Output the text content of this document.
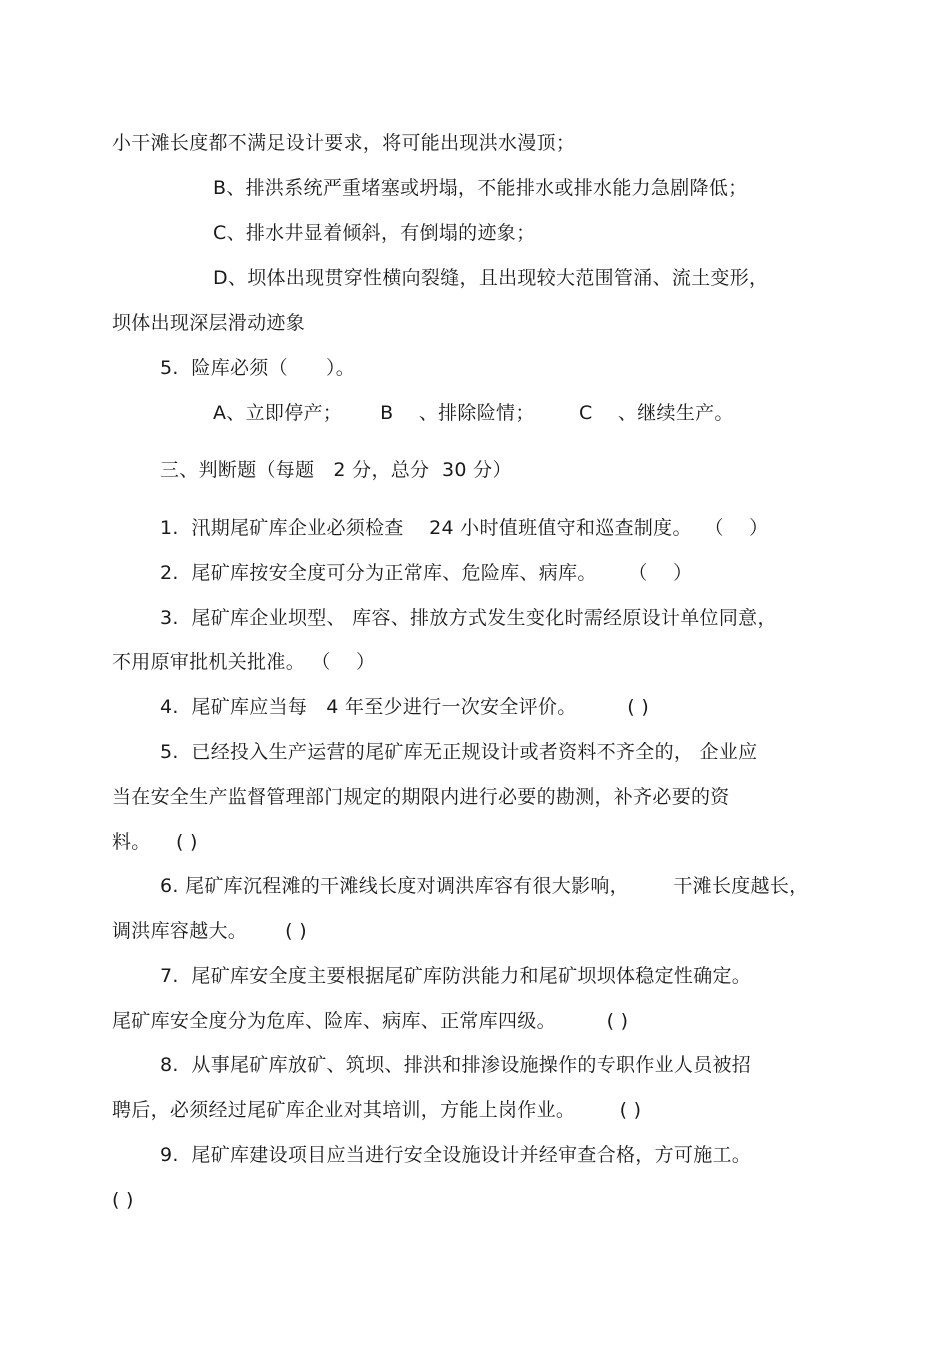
小干滩长度都不满足设计要求，将可能出现洪水漫顶；
B、排洪系统严重堵塞或坍塌，不能排水或排水能力急剧降低；
C、排水井显着倾斜，有倒塌的迹象；
D、坝体出现贯穿性横向裂缝，且出现较大范围管涌、流土变形，
坝体出现深层滑动迹象
5.  险库必须（      ）。
A、立即停产；      B    、排除险情；       C    、继续生产。
三、判断题（每题   2 分，总分  30 分）
1.  汛期尾矿库企业必须检查    24 小时值班值守和巡查制度。  （    ）
2.  尾矿库按安全度可分为正常库、危险库、病库。     （    ）
3.  尾矿库企业坝型、 库容、排放方式发生变化时需经原设计单位同意，
不用原审批机关批准。 （    ）
4.  尾矿库应当每   4 年至少进行一次安全评价。        ( )
5.  已经投入生产运营的尾矿库无正规设计或者资料不齐全的， 企业应
当在安全生产监督管理部门规定的期限内进行必要的勘测，补齐必要的资
料。    ( )
6. 尾矿库沉程滩的干滩线长度对调洪库容有很大影响，       干滩长度越长，
调洪库容越大。      ( )
7.  尾矿库安全度主要根据尾矿库防洪能力和尾矿坝坝体稳定性确定。
尾矿库安全度分为危库、险库、病库、正常库四级。        ( )
8.  从事尾矿库放矿、筑坝、排洪和排渗设施操作的专职作业人员被招
聘后，必须经过尾矿库企业对其培训，方能上岗作业。       ( )
9.  尾矿库建设项目应当进行安全设施设计并经审查合格，方可施工。
( )
